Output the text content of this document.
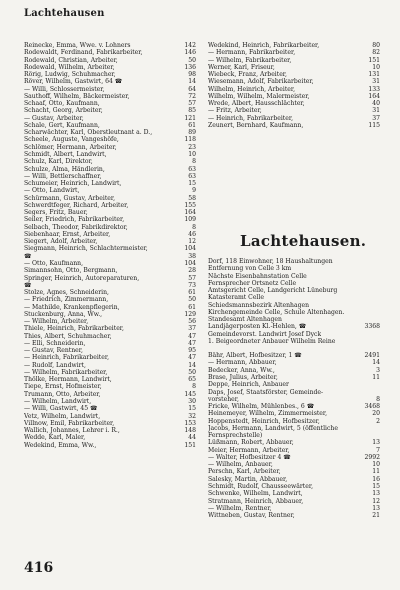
Lachtehausen
Reinecke, Emma, Wwe. v. Lohners	142
Rodewaldt, Ferdinand, Fabrikarbeiter,	146
Rodewald, Christian, Arbeiter,	50
Rodewald, Wilhelm, Arbeiter,	136
Rörig, Ludwig, Schuhmacher,	98
Röver, Wilhelm, Gastwirt, 64 ☎	14
— Willi, Schlossermeister,	64
Sauthoff, Wilhelm, Bäckermeister,	72
Schaaf, Otto, Kaufmann,	57
Schacht, Georg, Arbeiter,	85
— Gustav, Arbeiter,	121
Schale, Gert, Kaufmann,	61
Scharwächter, Karl, Oberstleutnant a. D.,	89
Scheele, Auguste, Vangeshöfe,	118
Schlömer, Hermann, Arbeiter,	23
Schmidt, Albert, Landwirt,	10
Schulz, Karl, Direktor,	8
Schulze, Alma, Händlerin,	63
— Willi, Bettlerschaffner,	63
Schumeier, Heinrich, Landwirt,	15
— Otto, Landwirt,	9
Schürmann, Gustav, Arbeiter,	58
Schwerdtfeger, Richard, Arbeiter,	155
Segers, Fritz, Bauer,	164
Seiler, Friedrich, Fabrikarbeiter,	109
Selbach, Theodor, Fabrikdirektor,	8
Siebenhaar, Ernst, Arbeiter,	46
Siegert, Adolf, Arbeiter,	12
Siegmann, Heinrich, Schlachtermeister,	104
☎	38
— Otto, Kaufmann,	104
Simannsohn, Otto, Bergmann,	28
Springer, Heinrich, Autoreparaturen,	57
☎	73
Stolze, Agnes, Schneiderin,	61
— Friedrich, Zimmermann,	50
— Mathilde, Krankenpflegerin,	61
Stuckenburg, Anna, Ww.,	129
— Wilhelm, Arbeiter,	56
Thiele, Heinrich, Fabrikarbeiter,	37
Thies, Albert, Schuhmacher,	47
— Elli, Schneiderin,	47
— Gustav, Rentner,	95
— Heinrich, Fabrikarbeiter,	47
— Rudolf, Landwirt,	14
— Wilhelm, Fabrikarbeiter,	50
Thölke, Hermann, Landwirt,	65
Tiepe, Ernst, Hofmeister,	8
Trumann, Otto, Arbeiter,	145
— Wilhelm, Landwirt,	30
— Willi, Gastwirt, 45 ☎	15
Vetz, Wilhelm, Landwirt,	32
Villnow, Emil, Fabrikarbeiter,	153
Wallich, Johannes, Lehrer i. R.,	148
Wedde, Karl, Maler,	44
Wedekind, Emma, Ww.,	151
Wedekind, Heinrich, Fabrikarbeiter,	80
— Hermann, Fabrikarbeiter,	82
— Wilhelm, Fabrikarbeiter,	151
Werner, Karl, Friseur,	10
Wiebeck, Franz, Arbeiter,	131
Wiesemann, Adolf, Fabrikarbeiter,	31
Wilhelm, Heinrich, Arbeiter,	133
Wilhelm, Wilhelm, Malermeister,	164
Wrede, Albert, Hausschlächter,	40
— Fritz, Arbeiter,	31
— Heinrich, Fabrikarbeiter,	37
Zeunert, Bernhard, Kaufmann,	115
Lachtehausen.
Dorf, 118 Einwohner, 18 Haushaltungen
Entfernung von Celle 3 km
Nächste Eisenbahnstation Celle
Fernsprecher Ortsnetz Celle
Amtsgericht Celle, Landgericht Lüneburg
Katasteramt Celle
Schiedsmannsbezirk Altenhagen
Kirchengemeinde Celle, Schule Altenhagen.
Standesamt Altenhagen
Landjägerposten Kl.-Hehlen, ☎	3368
Gemeindevorst. Landwirt Josef Dyck
1. Beigeordneter Anbauer Wilhelm Reine
Bähr, Albert, Hofbesitzer, 1 ☎	2491
— Hermann, Abbauer,	14
Bedecker, Anna, Ww.,	3
Brase, Julius, Arbeiter,	11
Deppe, Heinrich, Anbauer
Daps, Josef, Staatsförster, Gemeinde-
vorsteher,	8
Fricke, Wilhelm, Mühlenbes., 6 ☎	3468
Heinemeyer, Wilhelm, Zimmermeister,	20
Hoppenstedt, Heinrich, Hofbesitzer,	2
Jacobs, Hermann, Landwirt, 5 (öffentliche
Fernsprechstelle)
Lüßmann, Robert, Abbauer,	13
Meier, Hermann, Arbeiter,	7
— Walter, Hofbesitzer 4 ☎	2992
— Wilhelm, Anbauer,	10
Perschn, Karl, Arbeiter,	11
Salesky, Martin, Abbauer,	16
Schmidt, Rudolf, Chausseewärter,	15
Schwenke, Wilhelm, Landwirt,	13
Stratmann, Heinrich, Abbauer,	12
— Wilhelm, Rentner,	13
Wittneben, Gustav, Rentner,	21
416
